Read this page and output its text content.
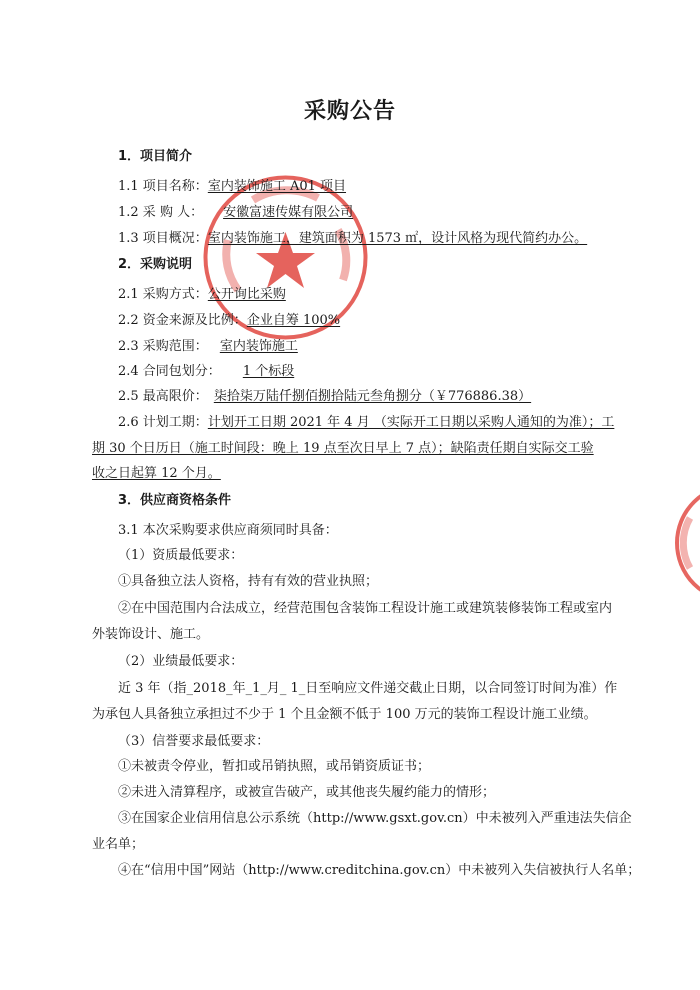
采购公告
1．项目简介
1.1 项目名称：室内装饰施工 A01 项目
1.2 采 购 人： 安徽富速传媒有限公司
1.3 项目概况：室内装饰施工，建筑面积为 1573 ㎡，设计风格为现代简约办公。
2．采购说明
2.1 采购方式：公开询比采购
2.2 资金来源及比例：企业自筹 100%
2.3 采购范围： 室内装饰施工
2.4 合同包划分： 1 个标段
2.5 最高限价： 柒拾柒万陆仟捌佰捌拾陆元叁角捌分（￥776886.38）
2.6 计划工期：计划开工日期 2021 年 4 月 （实际开工日期以采购人通知的为准）；工
期 30 个日历日（施工时间段：晚上 19 点至次日早上 7 点）；缺陷责任期自实际交工验
收之日起算 12 个月。
3．供应商资格条件
3.1 本次采购要求供应商须同时具备：
（1）资质最低要求：
①具备独立法人资格，持有有效的营业执照；
②在中国范围内合法成立，经营范围包含装饰工程设计施工或建筑装修装饰工程或室内
外装饰设计、施工。
（2）业绩最低要求：
近 3 年（指_2018_年_1_月_ 1_日至响应文件递交截止日期，以合同签订时间为准）作
为承包人具备独立承担过不少于 1 个且金额不低于 100 万元的装饰工程设计施工业绩。
（3）信誉要求最低要求：
①未被责令停业，暂扣或吊销执照，或吊销资质证书；
②未进入清算程序，或被宣告破产，或其他丧失履约能力的情形；
③在国家企业信用信息公示系统（http://www.gsxt.gov.cn）中未被列入严重违法失信企
业名单；
④在“信用中国”网站（http://www.creditchina.gov.cn）中未被列入失信被执行人名单；
